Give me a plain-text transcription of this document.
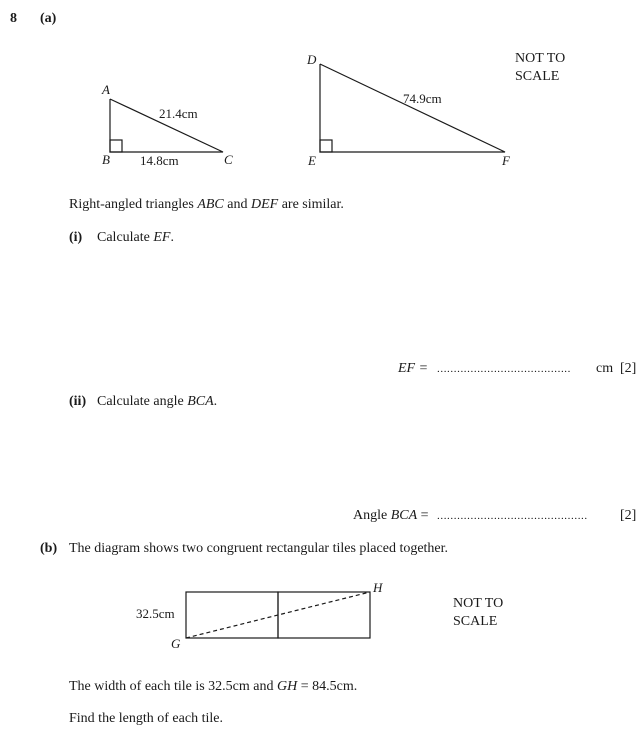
8 (a)
A
21.4cm
B 14.8cm	C
D
74.9cm
E	F
NOT TO
SCALE
Right-angled triangles ABC and DEF are similar.
(i) Calculate EF.
EF = ........................................ cm [2]
(ii) Calculate angle BCA.
Angle BCA = ............................................. [2]
(b) The diagram shows two congruent rectangular tiles placed together.
32.5cm
G
H
NOT TO
SCALE
The width of each tile is 32.5cm and GH = 84.5cm.
Find the length of each tile.
